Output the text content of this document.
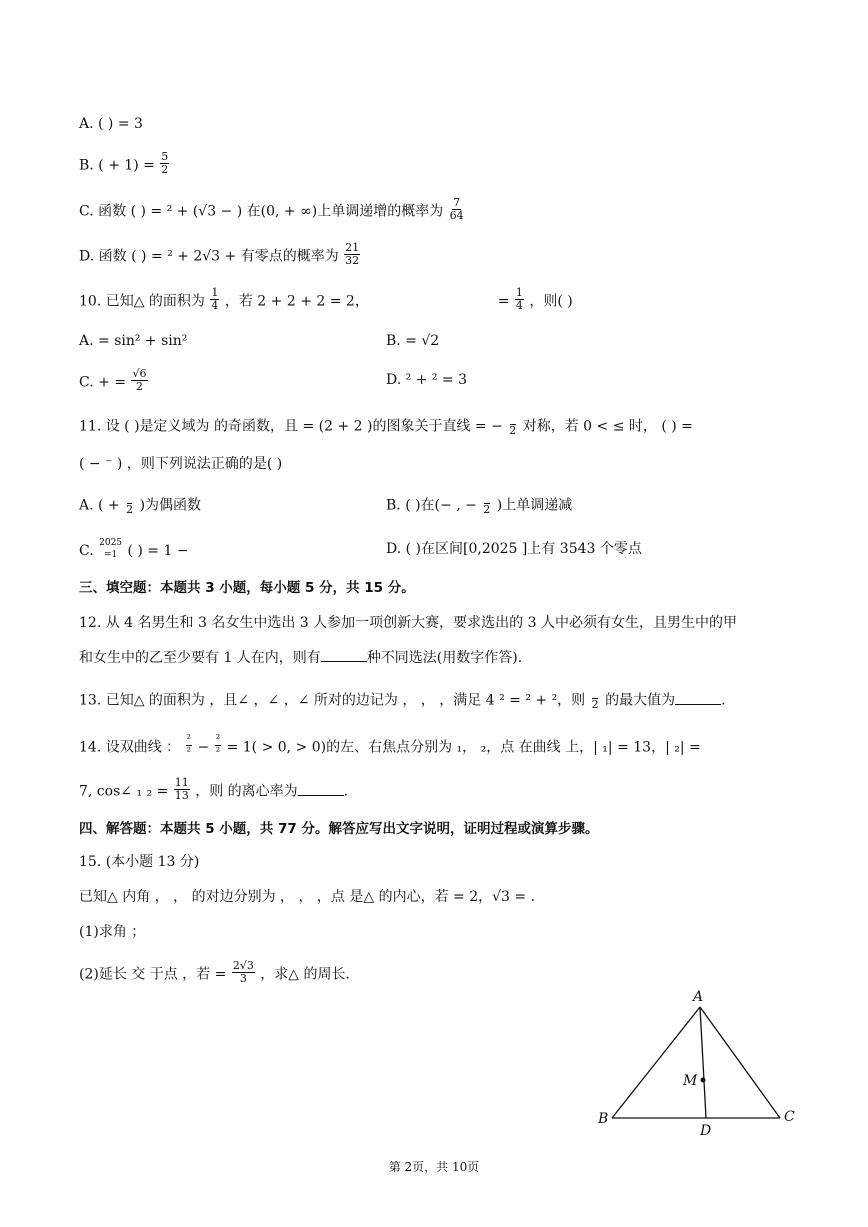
A. ( ) = 3
B. ( + $1) = \frac{5}{2}$
C. 函数 ( ) = ² + (√3 − ) 在(0, + ∞)上单调递增的概率为 $\frac{7}{64}$
D. 函数 ( ) = ² + 2√3 + 有零点的概率为 $\frac{21}{32}$
10. 已知△ 的面积为 $\frac{1}{4}$ ，若 2 + 2 + 2 = 2，	= $\frac{1}{4}$ ，则( )
A. = sin² + sin²	B. = √2
C. + = $\frac{√6}{2}$	D. ² + ² = 3
11. 设 ( )是定义域为 的奇函数，且 = (2 + 2 )的图象关于直线 = −
2 对称，若 0 < ≤ 时， ( ) =
( − ⁻ ) ，则下列说法正确的是( )
A. ( +
2 )为偶函数	B. ( )在(− , −
2 )上单调递减
C. 2025
=1 ( ) = 1 −	D. ( )在区间[0,2025 ]上有 3543 个零点
三、填空题：本题共 3 小题，每小题 5 分，共 15 分。
12. 从 4 名男生和 3 名女生中选出 3 人参加一项创新大赛，要求选出的 3 人中必须有女生，且男生中的甲
和女生中的乙至少要有 1 人在内，则有	种不同选法(用数字作答).
13. 已知△ 的面积为 ，且∠ ，∠ ，∠ 所对的边记为 ， ， ，满足 4 ² = ² + ²，则
2 的最大值为	.
14. 设双曲线 ： $\frac{\text{²}}{\text{²}} - \frac{\text{²}}{\text{²}} = 1( > 0$, > 0)的左、右焦点分别为 ₁， ₂，点 在曲线 上，| ₁| = 13，| ₂| =
7, cos∠ ₁ $_2 = \frac{11}{13}$ ，则 的离心率为	.
四、解答题：本题共 5 小题，共 77 分。解答应写出文字说明，证明过程或演算步骤。
15. (本小题 13 分)
已知△ 内角 ， ， 的对边分别为 ， ， ，点 是△ 的内心，若 = 2，√3 = .
(1)求角 ；
(2)延长 交 于点 ，若 = $\frac{2√3}{3}$ ，求△ 的周长.
A
B	C
D
M
第 2页，共 10页
